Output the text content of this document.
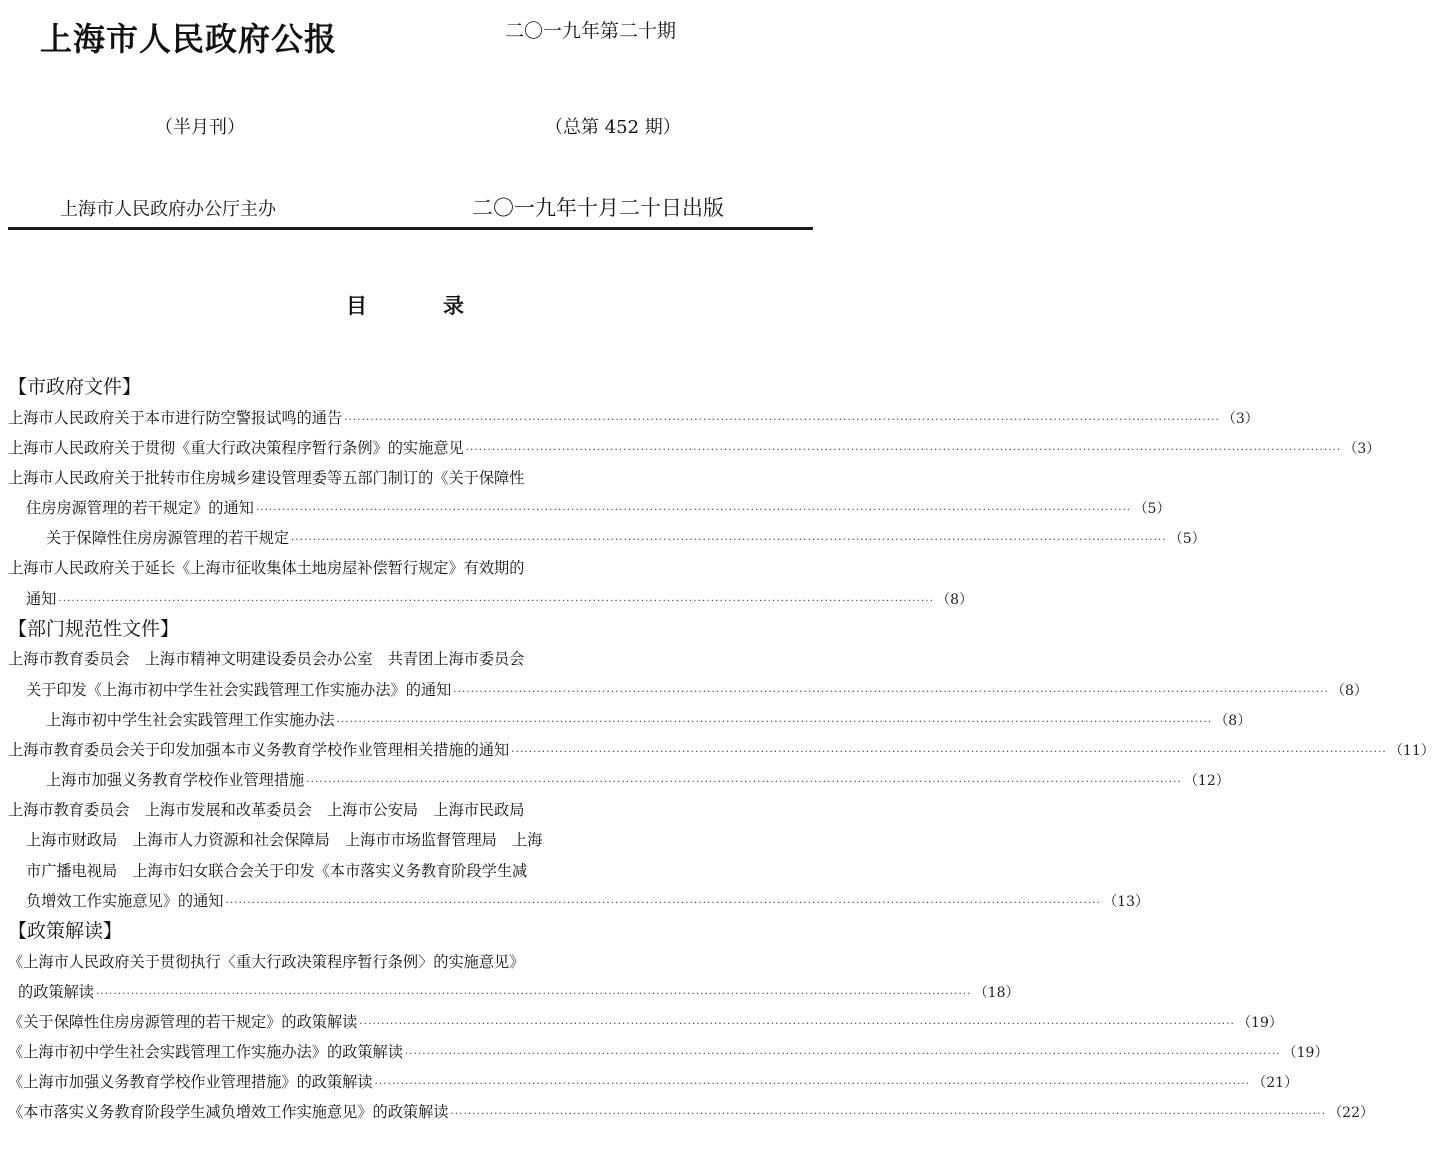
上海市人民政府公报	二〇一九年第二十期
（半月刊）	（总第 452 期）
上海市人民政府办公厅主办	二〇一九年十月二十日出版
目	录
【市政府文件】
上海市人民政府关于本市进行防空警报试鸣的通告 ········································································································································································································ （3）
上海市人民政府关于贯彻《重大行政决策程序暂行条例》的实施意见 ········································································································································································································ （3）
上海市人民政府关于批转市住房城乡建设管理委等五部门制订的《关于保障性
住房房源管理的若干规定》的通知 ········································································································································································································ （5）
关于保障性住房房源管理的若干规定 ········································································································································································································ （5）
上海市人民政府关于延长《上海市征收集体土地房屋补偿暂行规定》有效期的
通知 ········································································································································································································ （8）
【部门规范性文件】
上海市教育委员会　上海市精神文明建设委员会办公室　共青团上海市委员会
关于印发《上海市初中学生社会实践管理工作实施办法》的通知 ········································································································································································································ （8）
上海市初中学生社会实践管理工作实施办法 ········································································································································································································ （8）
上海市教育委员会关于印发加强本市义务教育学校作业管理相关措施的通知 ········································································································································································································ （11）
上海市加强义务教育学校作业管理措施 ········································································································································································································ （12）
上海市教育委员会　上海市发展和改革委员会　上海市公安局　上海市民政局
上海市财政局　上海市人力资源和社会保障局　上海市市场监督管理局　上海
市广播电视局　上海市妇女联合会关于印发《本市落实义务教育阶段学生减
负增效工作实施意见》的通知 ········································································································································································································ （13）
【政策解读】
《上海市人民政府关于贯彻执行〈重大行政决策程序暂行条例〉的实施意见》
的政策解读 ········································································································································································································ （18）
《关于保障性住房房源管理的若干规定》的政策解读 ········································································································································································································ （19）
《上海市初中学生社会实践管理工作实施办法》的政策解读 ········································································································································································································ （19）
《上海市加强义务教育学校作业管理措施》的政策解读 ········································································································································································································ （21）
《本市落实义务教育阶段学生减负增效工作实施意见》的政策解读 ········································································································································································································ （22）
